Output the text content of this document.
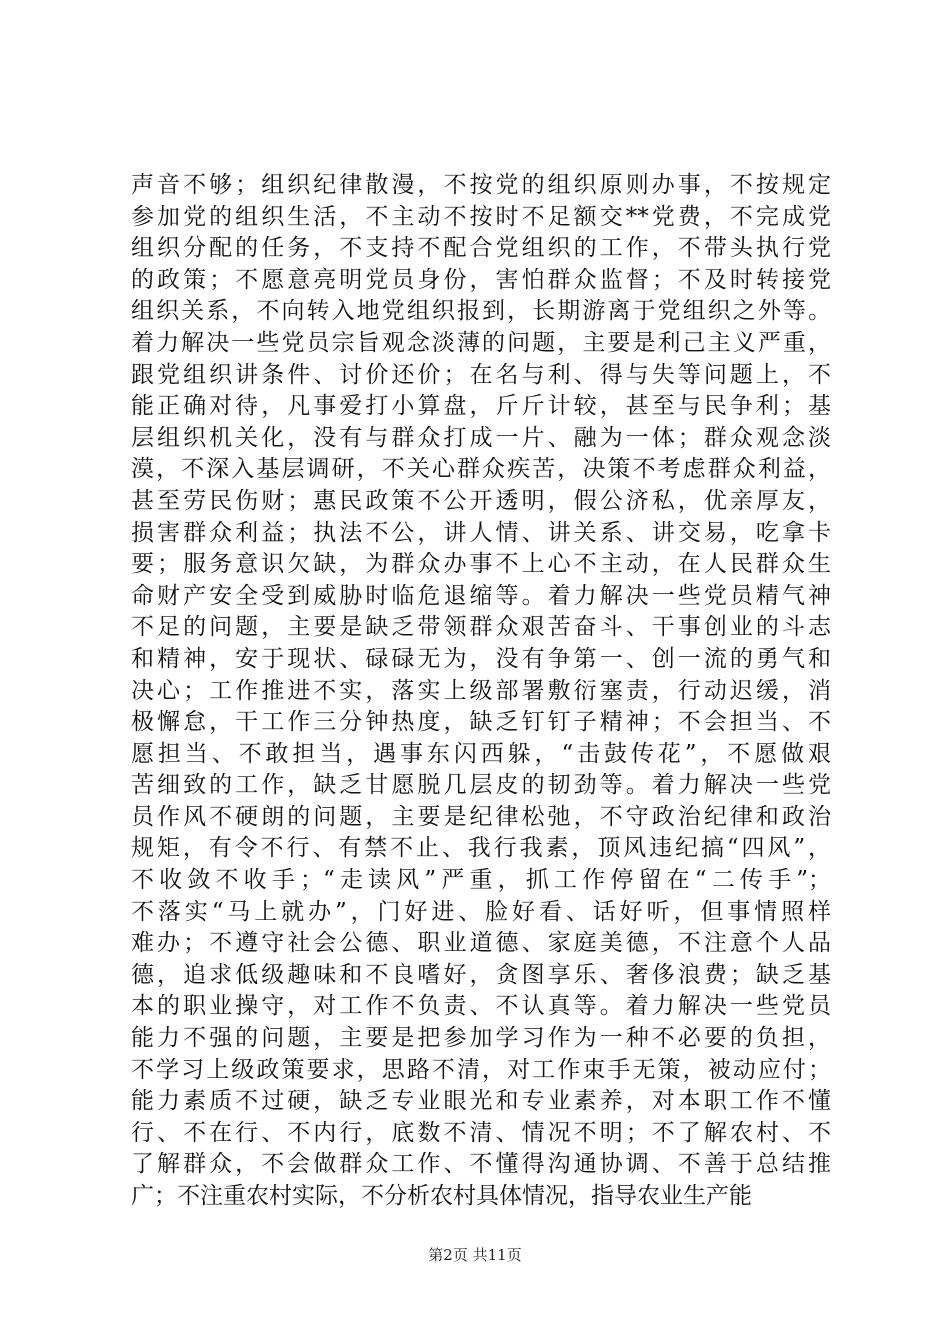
声音不够；组织纪律散漫，不按党的组织原则办事，不按规定
参加党的组织生活，不主动不按时不足额交**党费，不完成党
组织分配的任务，不支持不配合党组织的工作，不带头执行党
的政策；不愿意亮明党员身份，害怕群众监督；不及时转接党
组织关系，不向转入地党组织报到，长期游离于党组织之外等。
着力解决一些党员宗旨观念淡薄的问题，主要是利己主义严重，
跟党组织讲条件、讨价还价；在名与利、得与失等问题上，不
能正确对待，凡事爱打小算盘，斤斤计较，甚至与民争利；基
层组织机关化，没有与群众打成一片、融为一体；群众观念淡
漠，不深入基层调研，不关心群众疾苦，决策不考虑群众利益，
甚至劳民伤财；惠民政策不公开透明，假公济私，优亲厚友，
损害群众利益；执法不公，讲人情、讲关系、讲交易，吃拿卡
要；服务意识欠缺，为群众办事不上心不主动，在人民群众生
命财产安全受到威胁时临危退缩等。着力解决一些党员精气神
不足的问题，主要是缺乏带领群众艰苦奋斗、干事创业的斗志
和精神，安于现状、碌碌无为，没有争第一、创一流的勇气和
决心；工作推进不实，落实上级部署敷衍塞责，行动迟缓，消
极懈怠，干工作三分钟热度，缺乏钉钉子精神；不会担当、不
愿担当、不敢担当，遇事东闪西躲，“击鼓传花”，不愿做艰
苦细致的工作，缺乏甘愿脱几层皮的韧劲等。着力解决一些党
员作风不硬朗的问题，主要是纪律松弛，不守政治纪律和政治
规矩，有令不行、有禁不止、我行我素，顶风违纪搞“四风”，
不收敛不收手；“走读风”严重，抓工作停留在“二传手”；
不落实“马上就办”，门好进、脸好看、话好听，但事情照样
难办；不遵守社会公德、职业道德、家庭美德，不注意个人品
德，追求低级趣味和不良嗜好，贪图享乐、奢侈浪费；缺乏基
本的职业操守，对工作不负责、不认真等。着力解决一些党员
能力不强的问题，主要是把参加学习作为一种不必要的负担，
不学习上级政策要求，思路不清，对工作束手无策，被动应付；
能力素质不过硬，缺乏专业眼光和专业素养，对本职工作不懂
行、不在行、不内行，底数不清、情况不明；不了解农村、不
了解群众，不会做群众工作、不懂得沟通协调、不善于总结推
广；不注重农村实际，不分析农村具体情况，指导农业生产能
第2页 共11页
